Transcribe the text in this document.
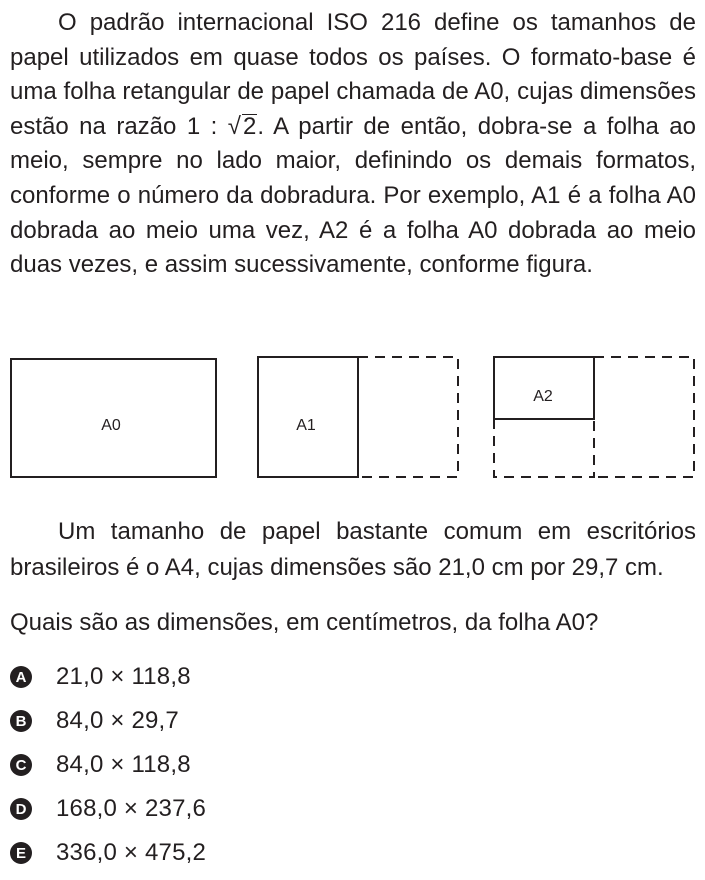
O padrão internacional ISO 216 define os tamanhos de papel utilizados em quase todos os países. O formato-base é uma folha retangular de papel chamada de A0, cujas dimensões estão na razão 1 : √2. A partir de então, dobra-se a folha ao meio, sempre no lado maior, definindo os demais formatos, conforme o número da dobradura. Por exemplo, A1 é a folha A0 dobrada ao meio uma vez, A2 é a folha A0 dobrada ao meio duas vezes, e assim sucessivamente, conforme figura.

A0	A1
A2

Um tamanho de papel bastante comum em escritórios brasileiros é o A4, cujas dimensões são 21,0 cm por 29,7 cm.

Quais são as dimensões, em centímetros, da folha A0?

A 21,0 × 118,8
B 84,0 × 29,7
C 84,0 × 118,8
D 168,0 × 237,6
E 336,0 × 475,2
